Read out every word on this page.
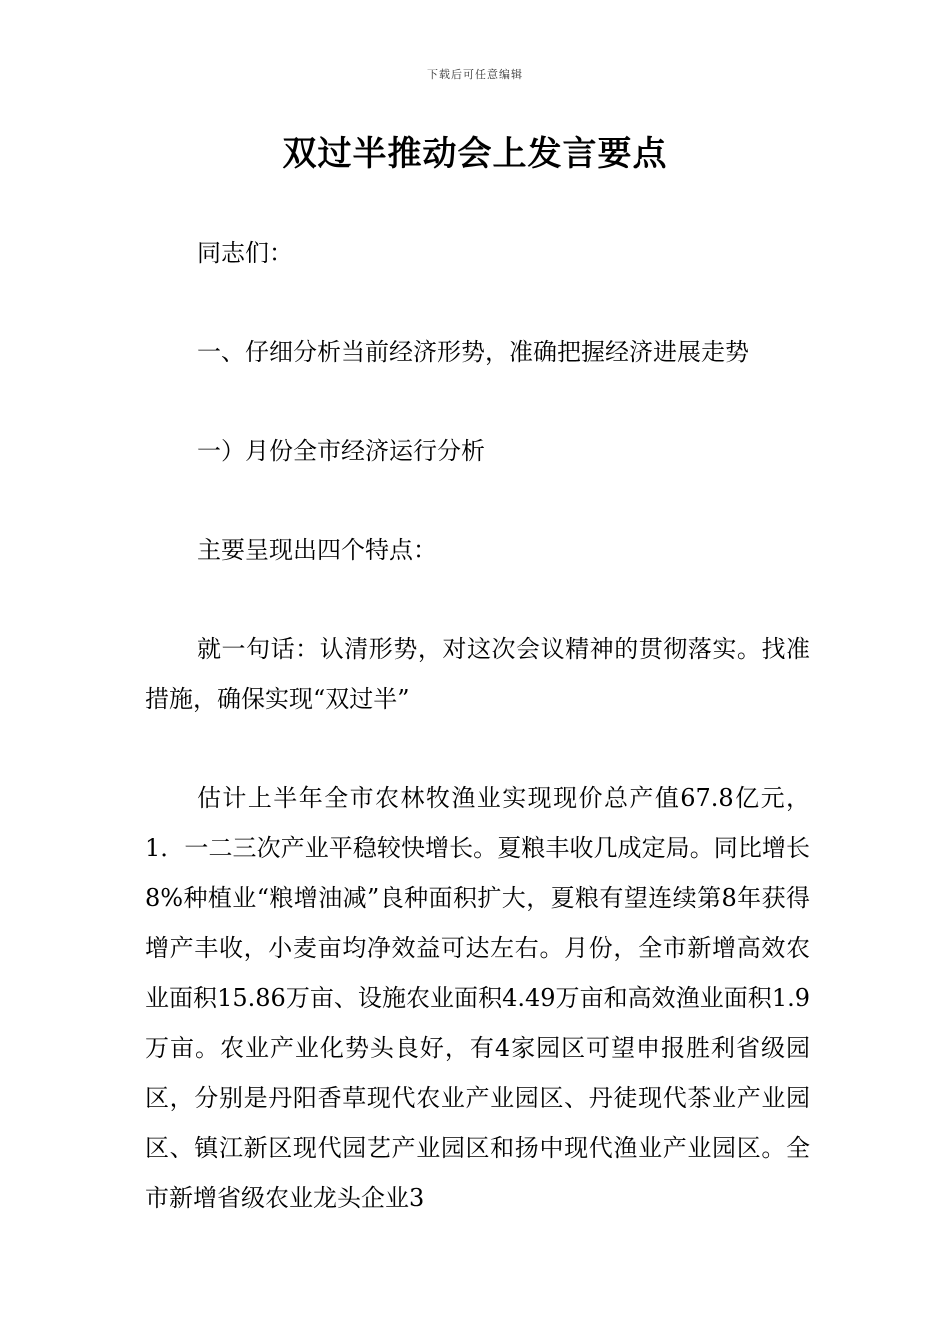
下载后可任意编辑
双过半推动会上发言要点

同志们：

一、仔细分析当前经济形势，准确把握经济进展走势

一）月份全市经济运行分析

主要呈现出四个特点：

就一句话：认清形势，对这次会议精神的贯彻落实。找准措施，确保实现“双过半”

估计上半年全市农林牧渔业实现现价总产值67.8亿元，1．一二三次产业平稳较快增长。夏粮丰收几成定局。同比增长8%种植业“粮增油减”良种面积扩大，夏粮有望连续第8年获得增产丰收，小麦亩均净效益可达左右。月份，全市新增高效农业面积15.86万亩、设施农业面积4.49万亩和高效渔业面积1.9万亩。农业产业化势头良好，有4家园区可望申报胜利省级园区，分别是丹阳香草现代农业产业园区、丹徒现代茶业产业园区、镇江新区现代园艺产业园区和扬中现代渔业产业园区。全市新增省级农业龙头企业3
